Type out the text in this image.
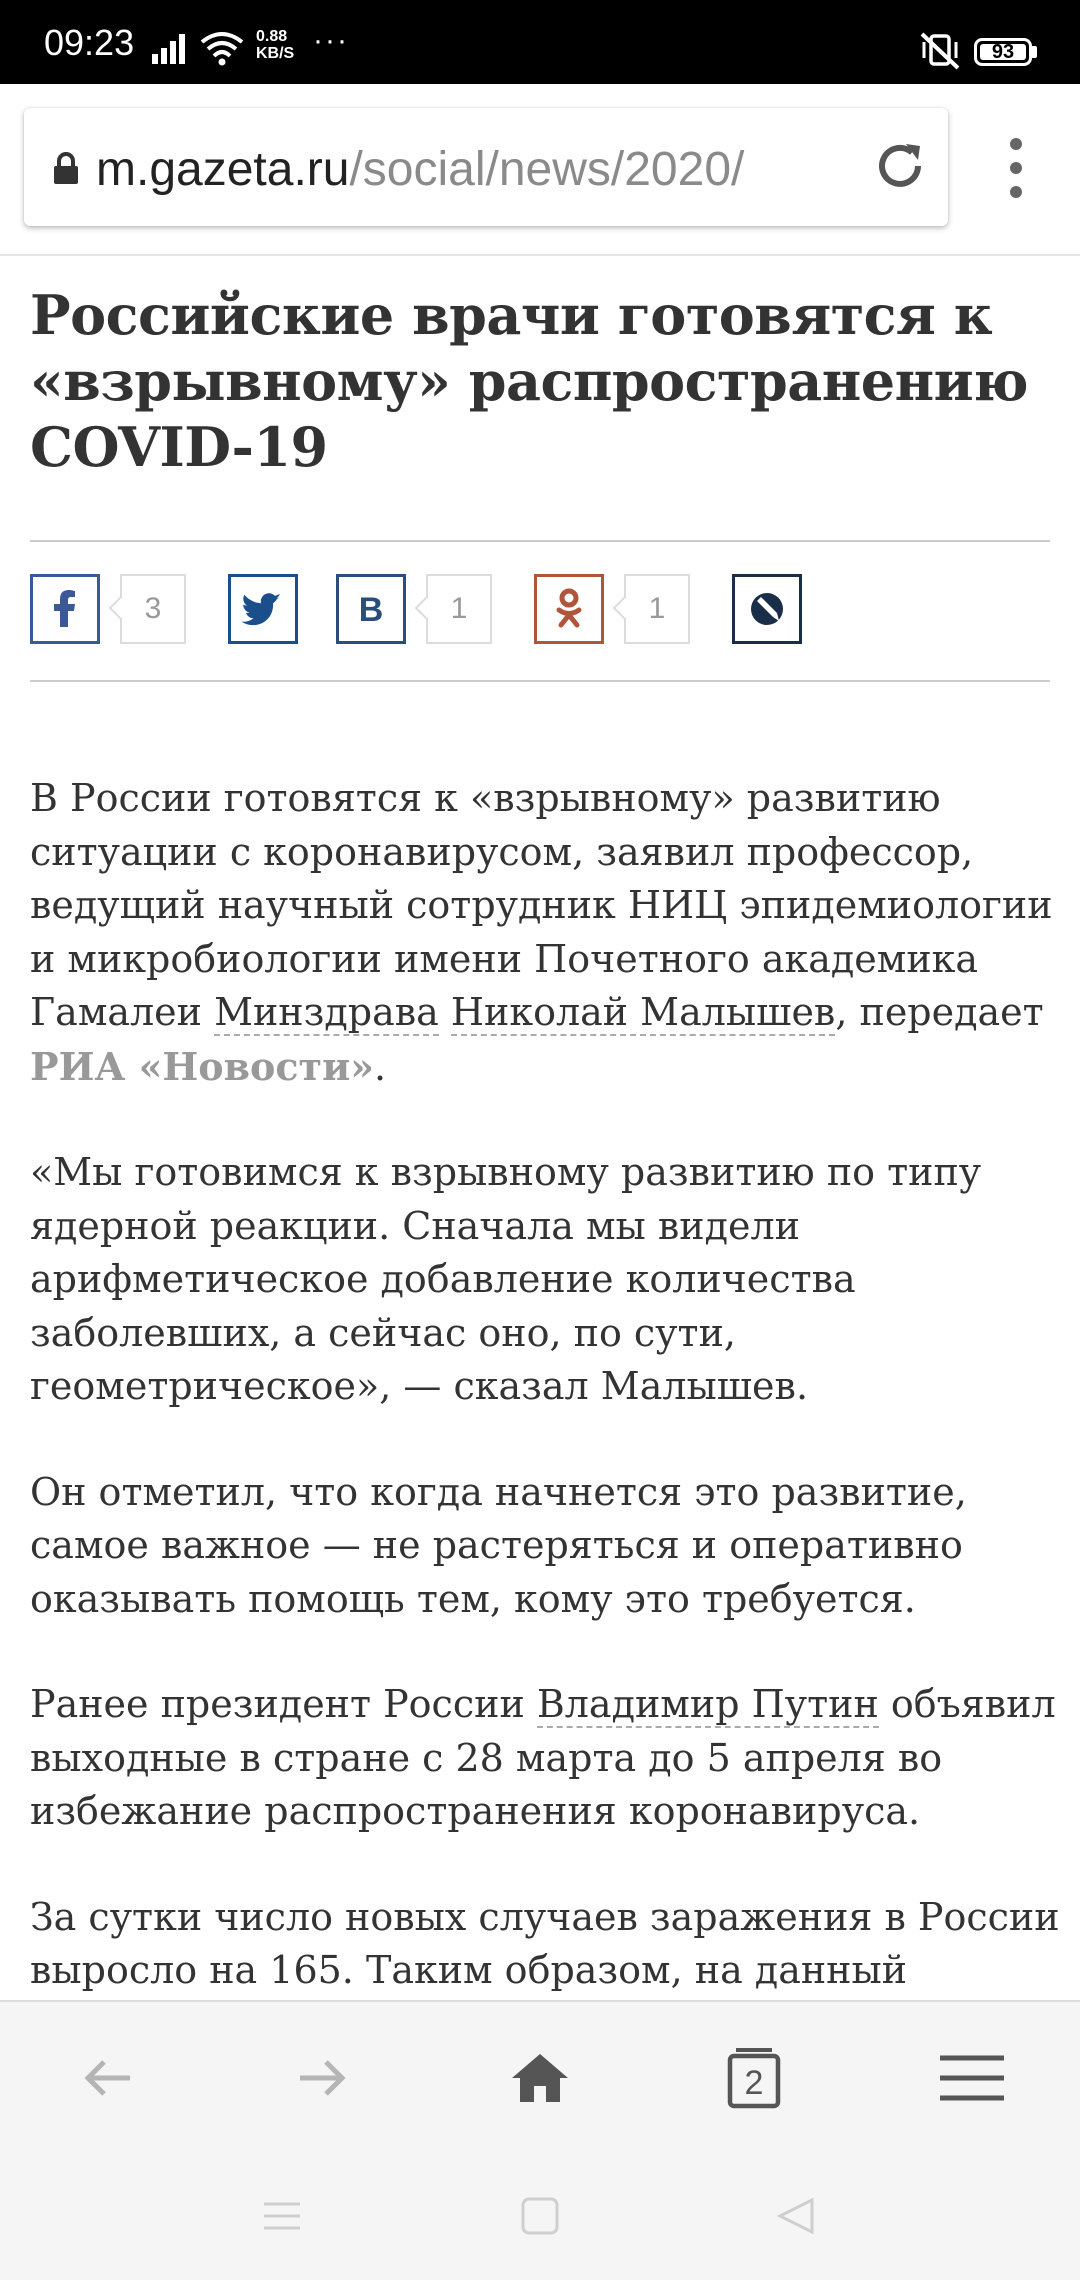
09:23	0.88
KB/S ···	93
m.gazeta.ru/social/news/2020/
Российские врачи готовятся к «взрывному» распространению COVID-19
3	В	1	1

В России готовятся к «взрывному» развитию ситуации с коронавирусом, заявил профессор, ведущий научный сотрудник НИЦ эпидемиологии и микробиологии имени Почетного академика Гамалеи Минздрава Николай Малышев, передает РИА «Новости».

«Мы готовимся к взрывному развитию по типу ядерной реакции. Сначала мы видели арифметическое добавление количества заболевших, а сейчас оно, по сути, геометрическое», — сказал Малышев.

Он отметил, что когда начнется это развитие, самое важное — не растеряться и оперативно оказывать помощь тем, кому это требуется.

Ранее президент России Владимир Путин объявил выходные в стране с 28 марта до 5 апреля во избежание распространения коронавируса.

За сутки число новых случаев заражения в России выросло на 165. Таким образом, на данный

2
